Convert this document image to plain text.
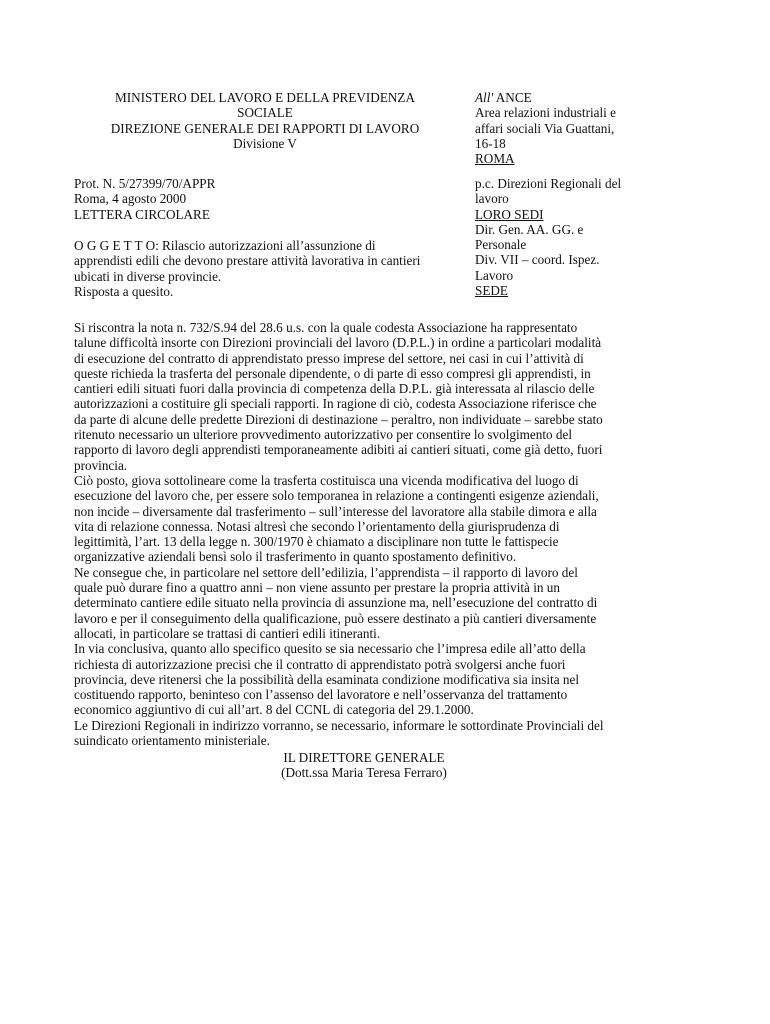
MINISTERO DEL LAVORO E DELLA PREVIDENZA
SOCIALE
DIREZIONE GENERALE DEI RAPPORTI DI LAVORO
Divisione V
All' ANCE
Area relazioni industriali e
affari sociali Via Guattani,
16-18
ROMA
Prot. N. 5/27399/70/APPR
Roma, 4 agosto 2000
LETTERA CIRCOLARE
O G G E T T O: Rilascio autorizzazioni all’assunzione di
apprendisti edili che devono prestare attività lavorativa in cantieri
ubicati in diverse provincie.
Risposta a quesito.
p.c. Direzioni Regionali del
lavoro
LORO SEDI
Dir. Gen. AA. GG. e
Personale
Div. VII – coord. Ispez.
Lavoro
SEDE
Si riscontra la nota n. 732/S.94 del 28.6 u.s. con la quale codesta Associazione ha rappresentato
talune difficoltà insorte con Direzioni provinciali del lavoro (D.P.L.) in ordine a particolari modalità
di esecuzione del contratto di apprendistato presso imprese del settore, nei casi in cui l’attività di
queste richieda la trasferta del personale dipendente, o di parte di esso compresi gli apprendisti, in
cantieri edili situati fuori dalla provincia di competenza della D.P.L. già interessata al rilascio delle
autorizzazioni a costituire gli speciali rapporti. In ragione di ciò, codesta Associazione riferisce che
da parte di alcune delle predette Direzioni di destinazione – peraltro, non individuate – sarebbe stato
ritenuto necessario un ulteriore provvedimento autorizzativo per consentire lo svolgimento del
rapporto di lavoro degli apprendisti temporaneamente adibiti ai cantieri situati, come già detto, fuori
provincia.
Ciò posto, giova sottolineare come la trasferta costituisca una vicenda modificativa del luogo di
esecuzione del lavoro che, per essere solo temporanea in relazione a contingenti esigenze aziendali,
non incide – diversamente dal trasferimento – sull’interesse del lavoratore alla stabile dimora e alla
vita di relazione connessa. Notasi altresì che secondo l’orientamento della giurisprudenza di
legittimità, l’art. 13 della legge n. 300/1970 è chiamato a disciplinare non tutte le fattispecie
organizzative aziendali bensì solo il trasferimento in quanto spostamento definitivo.
Ne consegue che, in particolare nel settore dell’edilizia, l’apprendista – il rapporto di lavoro del
quale può durare fino a quattro anni – non viene assunto per prestare la propria attività in un
determinato cantiere edile situato nella provincia di assunzione ma, nell’esecuzione del contratto di
lavoro e per il conseguimento della qualificazione, può essere destinato a più cantieri diversamente
allocati, in particolare se trattasi di cantieri edili itineranti.
In via conclusiva, quanto allo specifico quesito se sia necessario che l’impresa edile all’atto della
richiesta di autorizzazione precisi che il contratto di apprendistato potrà svolgersi anche fuori
provincia, deve ritenersi che la possibilità della esaminata condizione modificativa sia insita nel
costituendo rapporto, beninteso con l’assenso del lavoratore e nell’osservanza del trattamento
economico aggiuntivo di cui all’art. 8 del CCNL di categoria del 29.1.2000.
Le Direzioni Regionali in indirizzo vorranno, se necessario, informare le sottordinate Provinciali del
suindicato orientamento ministeriale.
IL DIRETTORE GENERALE
(Dott.ssa Maria Teresa Ferraro)
